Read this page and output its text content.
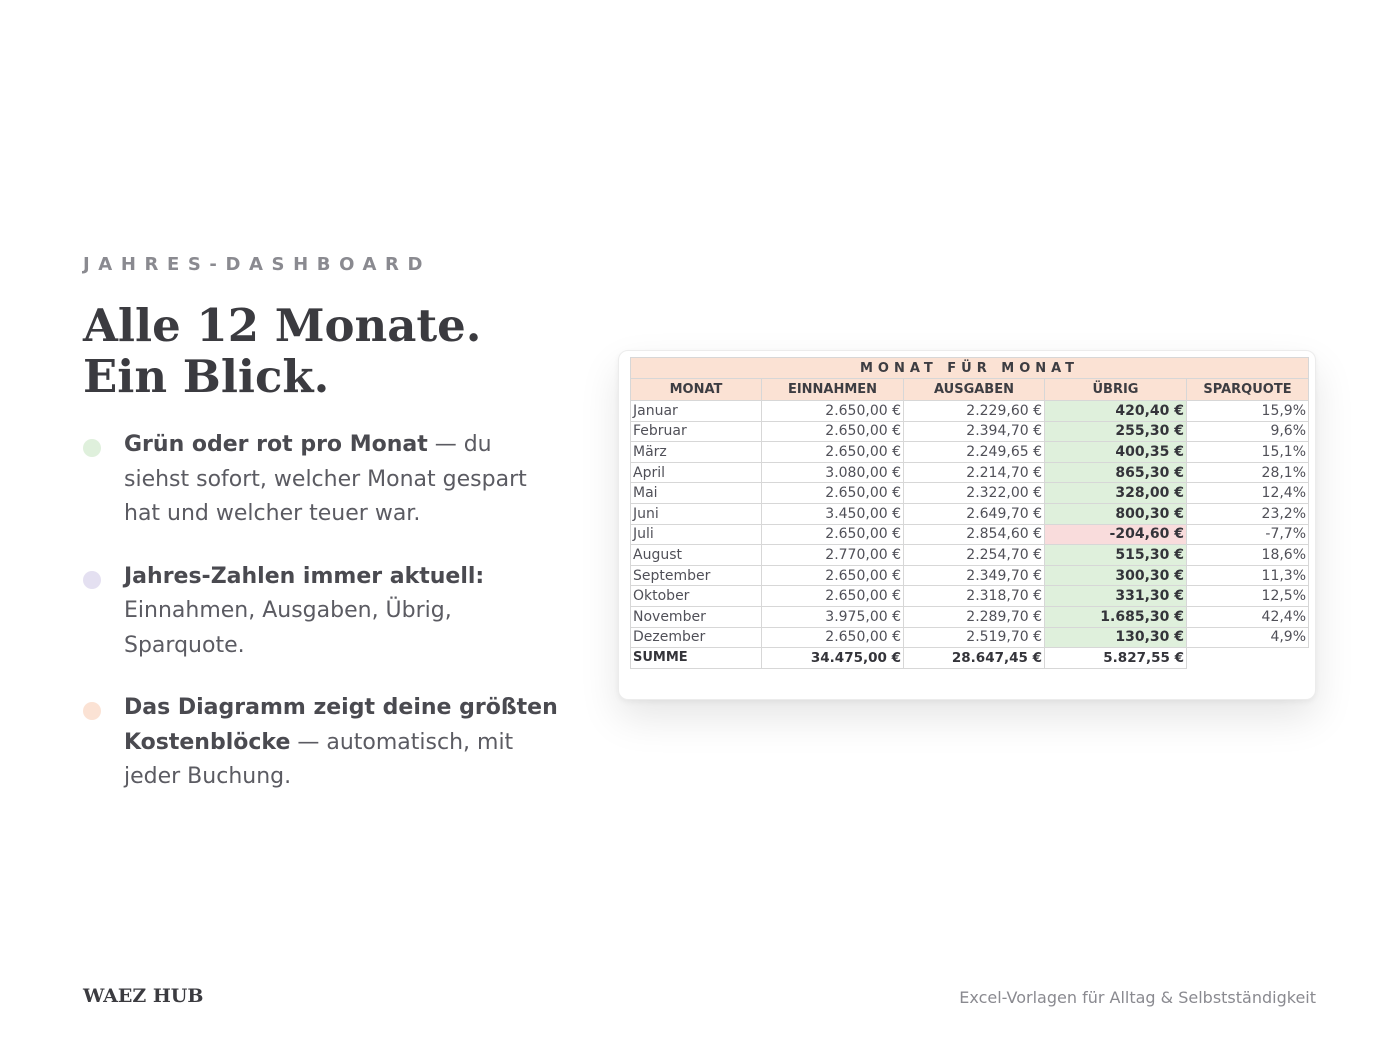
JAHRES-DASHBOARD
Alle 12 Monate.
Ein Blick.
Grün oder rot pro Monat — du siehst sofort, welcher Monat gespart hat und welcher teuer war.
Jahres-Zahlen immer aktuell: Einnahmen, Ausgaben, Übrig, Sparquote.
Das Diagramm zeigt deine größten Kostenblöcke — automatisch, mit jeder Buchung.
MONAT FÜR MONAT				
MONAT	EINNAHMEN	AUSGABEN	ÜBRIG	SPARQUOTE
Januar	2.650,00 €	2.229,60 €	420,40 €	15,9%
Februar	2.650,00 €	2.394,70 €	255,30 €	9,6%
März	2.650,00 €	2.249,65 €	400,35 €	15,1%
April	3.080,00 €	2.214,70 €	865,30 €	28,1%
Mai	2.650,00 €	2.322,00 €	328,00 €	12,4%
Juni	3.450,00 €	2.649,70 €	800,30 €	23,2%
Juli	2.650,00 €	2.854,60 €	-204,60 €	-7,7%
August	2.770,00 €	2.254,70 €	515,30 €	18,6%
September	2.650,00 €	2.349,70 €	300,30 €	11,3%
Oktober	2.650,00 €	2.318,70 €	331,30 €	12,5%
November	3.975,00 €	2.289,70 €	1.685,30 €	42,4%
Dezember	2.650,00 €	2.519,70 €	130,30 €	4,9%
SUMME	34.475,00 €	28.647,45 €	5.827,55 €	
WAEZ HUB	Excel-Vorlagen für Alltag & Selbstständigkeit
